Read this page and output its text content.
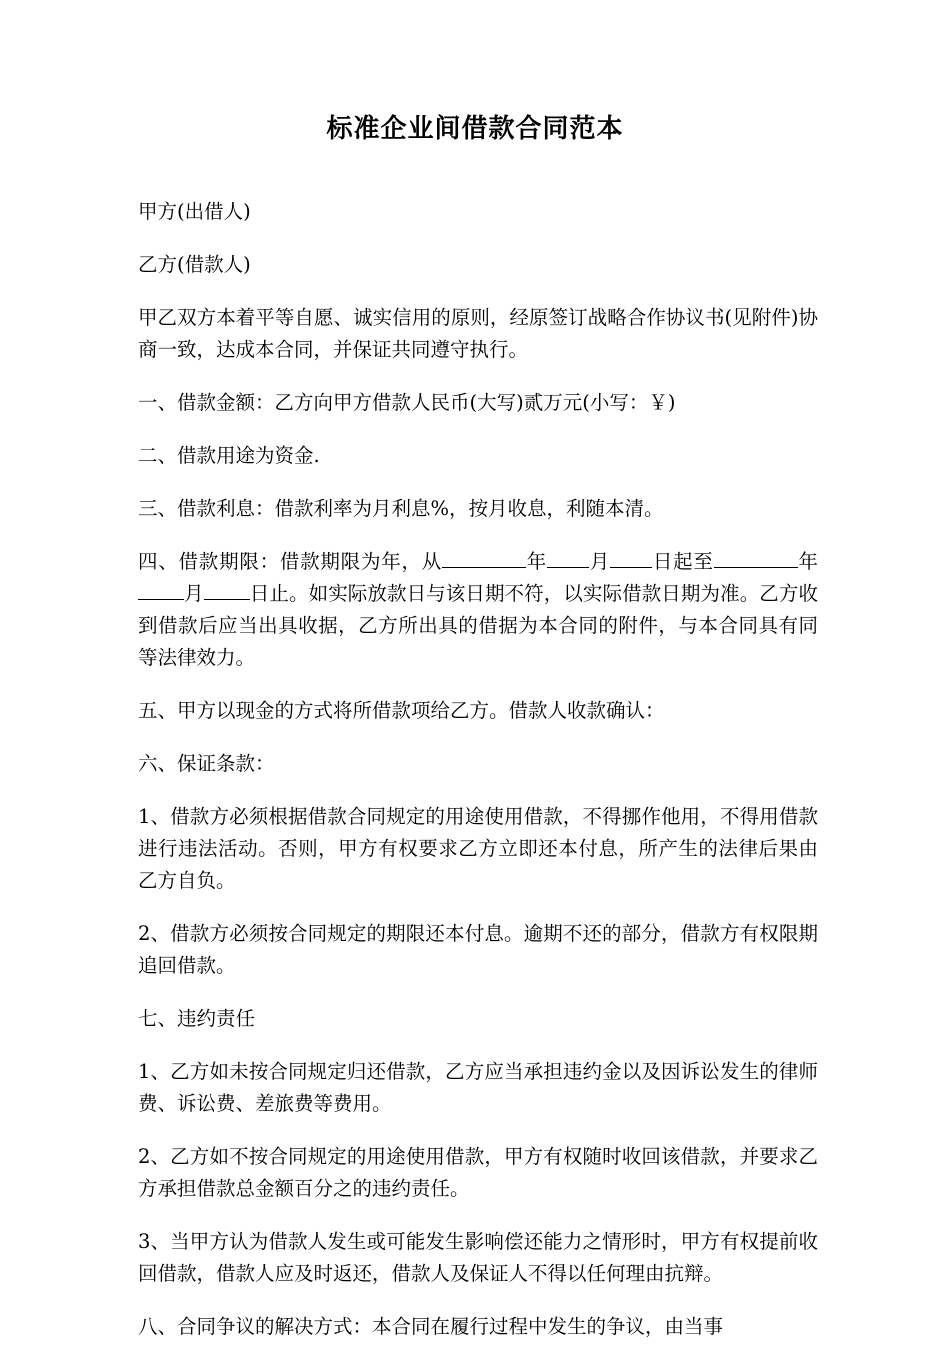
标准企业间借款合同范本

甲方(出借人)

乙方(借款人)

甲乙双方本着平等自愿、诚实信用的原则，经原签订战略合作协议书(见附件)协商一致，达成本合同，并保证共同遵守执行。

一、借款金额：乙方向甲方借款人民币(大写)贰万元(小写：￥)

二、借款用途为资金.

三、借款利息：借款利率为月利息%，按月收息，利随本清。

四、借款期限：借款期限为年，从	年 月 日起至	年月 日止。如实际放款日与该日期不符，以实际借款日期为准。乙方收到借款后应当出具收据，乙方所出具的借据为本合同的附件，与本合同具有同等法律效力。

五、甲方以现金的方式将所借款项给乙方。借款人收款确认：

六、保证条款：

1、借款方必须根据借款合同规定的用途使用借款，不得挪作他用，不得用借款进行违法活动。否则，甲方有权要求乙方立即还本付息，所产生的法律后果由乙方自负。

2、借款方必须按合同规定的期限还本付息。逾期不还的部分，借款方有权限期追回借款。

七、违约责任

1、乙方如未按合同规定归还借款，乙方应当承担违约金以及因诉讼发生的律师费、诉讼费、差旅费等费用。

2、乙方如不按合同规定的用途使用借款，甲方有权随时收回该借款，并要求乙方承担借款总金额百分之的违约责任。

3、当甲方认为借款人发生或可能发生影响偿还能力之情形时，甲方有权提前收回借款，借款人应及时返还，借款人及保证人不得以任何理由抗辩。

八、合同争议的解决方式：本合同在履行过程中发生的争议，由当事
